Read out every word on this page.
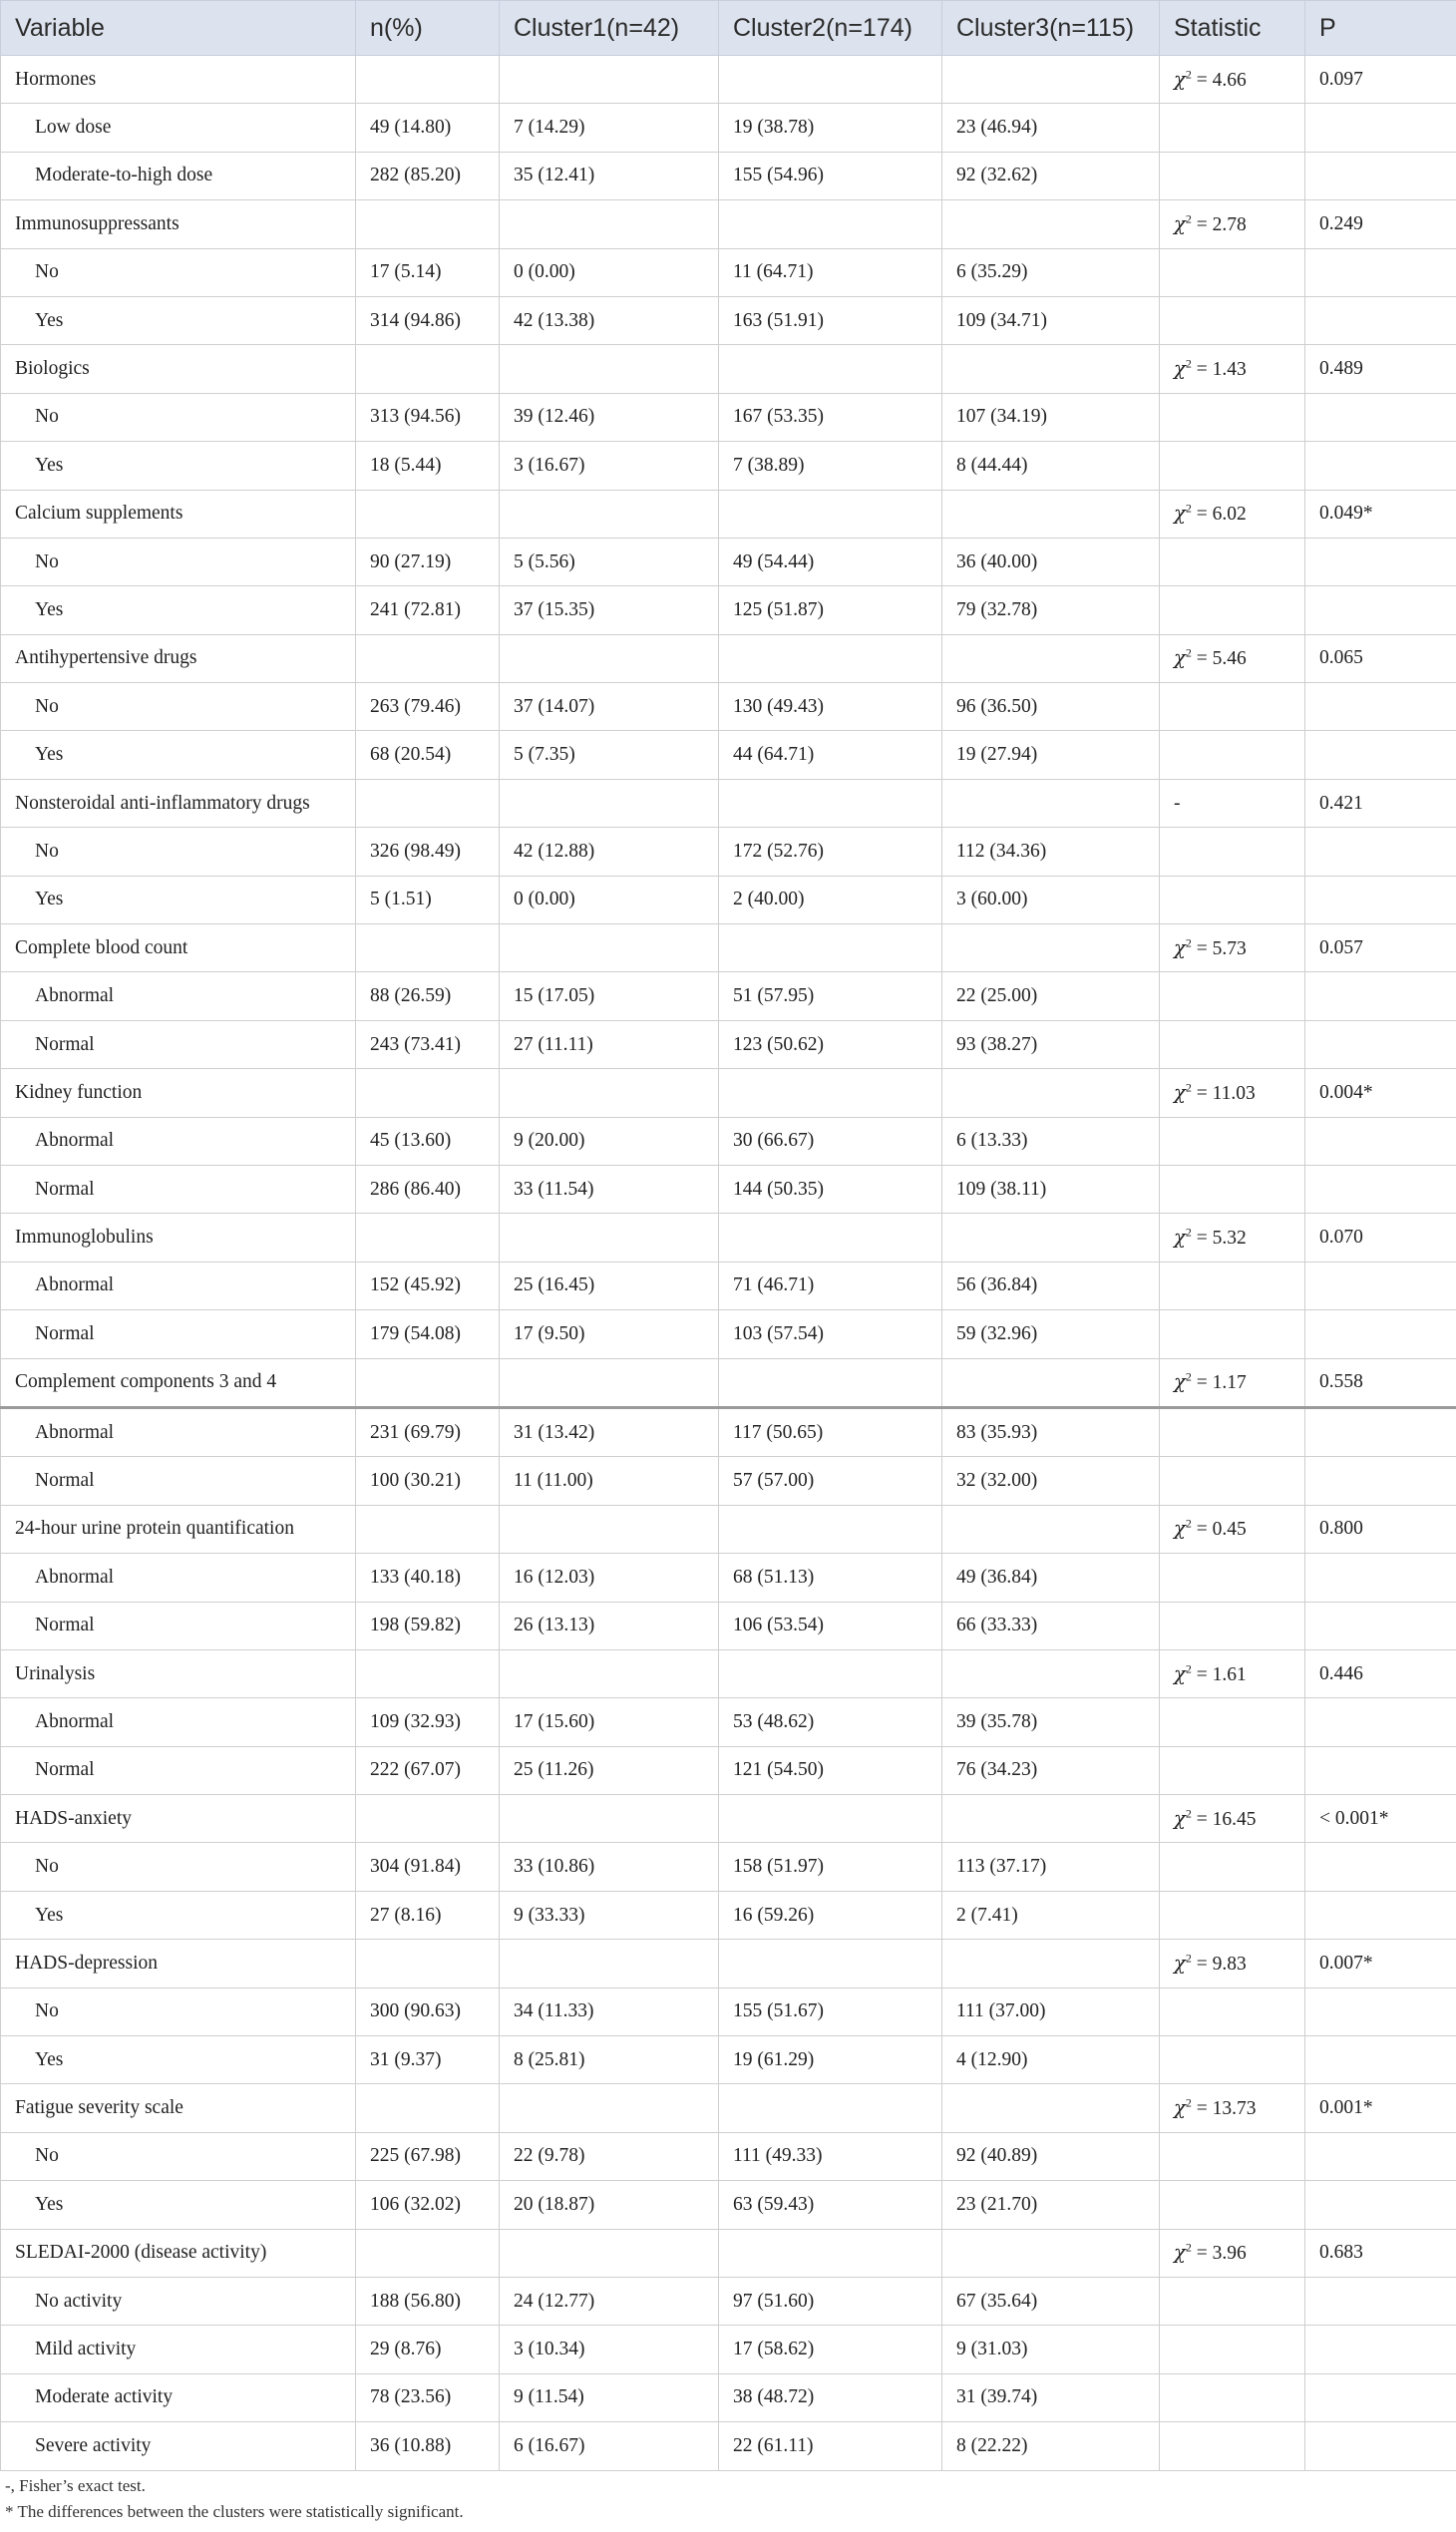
Variable	n(%)	Cluster1(n=42)	Cluster2(n=174)	Cluster3(n=115)	Statistic	P
Hormones					$\chi^2 = 4.66$	0.097
Low dose	49 (14.80)	7 (14.29)	19 (38.78)	23 (46.94)		
Moderate-to-high dose	282 (85.20)	35 (12.41)	155 (54.96)	92 (32.62)		
Immunosuppressants					$\chi^2 = 2.78$	0.249
No	17 (5.14)	0 (0.00)	11 (64.71)	6 (35.29)		
Yes	314 (94.86)	42 (13.38)	163 (51.91)	109 (34.71)		
Biologics					$\chi^2 = 1.43$	0.489
No	313 (94.56)	39 (12.46)	167 (53.35)	107 (34.19)		
Yes	18 (5.44)	3 (16.67)	7 (38.89)	8 (44.44)		
Calcium supplements					$\chi^2 = 6.02$	0.049*
No	90 (27.19)	5 (5.56)	49 (54.44)	36 (40.00)		
Yes	241 (72.81)	37 (15.35)	125 (51.87)	79 (32.78)		
Antihypertensive drugs					$\chi^2 = 5.46$	0.065
No	263 (79.46)	37 (14.07)	130 (49.43)	96 (36.50)		
Yes	68 (20.54)	5 (7.35)	44 (64.71)	19 (27.94)		
Nonsteroidal anti-inflammatory drugs					-	0.421
No	326 (98.49)	42 (12.88)	172 (52.76)	112 (34.36)		
Yes	5 (1.51)	0 (0.00)	2 (40.00)	3 (60.00)		
Complete blood count					$\chi^2 = 5.73$	0.057
Abnormal	88 (26.59)	15 (17.05)	51 (57.95)	22 (25.00)		
Normal	243 (73.41)	27 (11.11)	123 (50.62)	93 (38.27)		
Kidney function					$\chi^2 = 11.03$	0.004*
Abnormal	45 (13.60)	9 (20.00)	30 (66.67)	6 (13.33)		
Normal	286 (86.40)	33 (11.54)	144 (50.35)	109 (38.11)		
Immunoglobulins					$\chi^2 = 5.32$	0.070
Abnormal	152 (45.92)	25 (16.45)	71 (46.71)	56 (36.84)		
Normal	179 (54.08)	17 (9.50)	103 (57.54)	59 (32.96)		
Complement components 3 and 4					$\chi^2 = 1.17$	0.558
Abnormal	231 (69.79)	31 (13.42)	117 (50.65)	83 (35.93)		
Normal	100 (30.21)	11 (11.00)	57 (57.00)	32 (32.00)		
24-hour urine protein quantification					$\chi^2 = 0.45$	0.800
Abnormal	133 (40.18)	16 (12.03)	68 (51.13)	49 (36.84)		
Normal	198 (59.82)	26 (13.13)	106 (53.54)	66 (33.33)		
Urinalysis					$\chi^2 = 1.61$	0.446
Abnormal	109 (32.93)	17 (15.60)	53 (48.62)	39 (35.78)		
Normal	222 (67.07)	25 (11.26)	121 (54.50)	76 (34.23)		
HADS-anxiety					$\chi^2 = 16.45$	< 0.001*
No	304 (91.84)	33 (10.86)	158 (51.97)	113 (37.17)		
Yes	27 (8.16)	9 (33.33)	16 (59.26)	2 (7.41)		
HADS-depression					$\chi^2 = 9.83$	0.007*
No	300 (90.63)	34 (11.33)	155 (51.67)	111 (37.00)		
Yes	31 (9.37)	8 (25.81)	19 (61.29)	4 (12.90)		
Fatigue severity scale					$\chi^2 = 13.73$	0.001*
No	225 (67.98)	22 (9.78)	111 (49.33)	92 (40.89)		
Yes	106 (32.02)	20 (18.87)	63 (59.43)	23 (21.70)		
SLEDAI-2000 (disease activity)					$\chi^2 = 3.96$	0.683
No activity	188 (56.80)	24 (12.77)	97 (51.60)	67 (35.64)		
Mild activity	29 (8.76)	3 (10.34)	17 (58.62)	9 (31.03)		
Moderate activity	78 (23.56)	9 (11.54)	38 (48.72)	31 (39.74)		
Severe activity	36 (10.88)	6 (16.67)	22 (61.11)	8 (22.22)		
-, Fisher’s exact test.
* The differences between the clusters were statistically significant.
